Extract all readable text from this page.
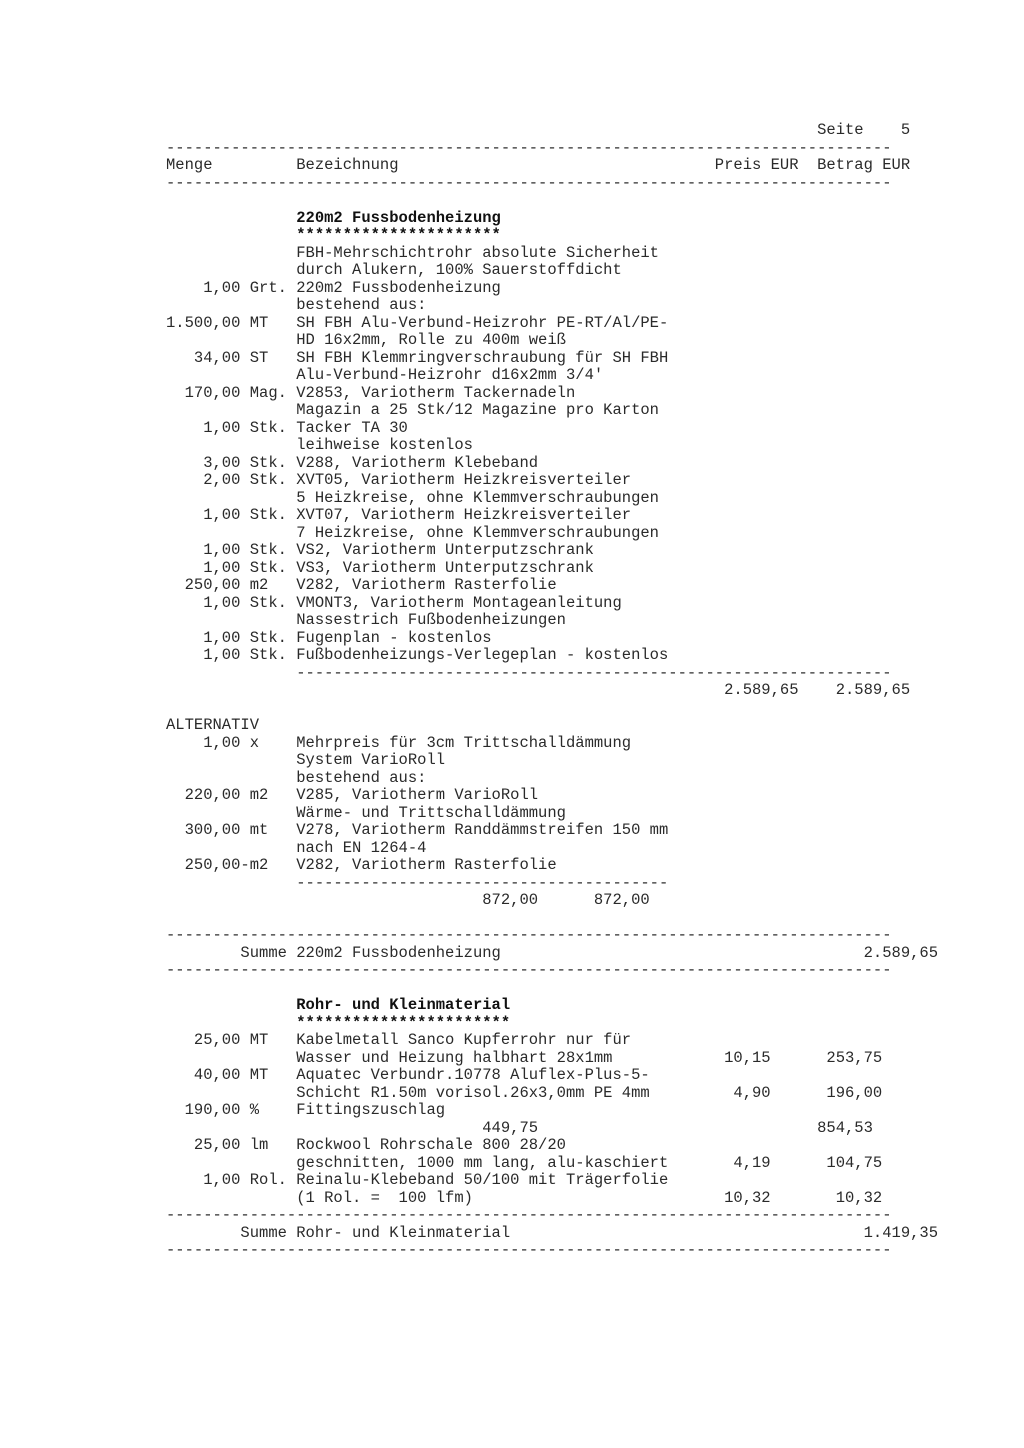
Seite    5
------------------------------------------------------------------------------
Menge         Bezeichnung                                  Preis EUR  Betrag EUR
------------------------------------------------------------------------------
220m2 Fussbodenheizung
**********************
FBH-Mehrschichtrohr absolute Sicherheit
durch Alukern, 100% Sauerstoffdicht
1,00 Grt. 220m2 Fussbodenheizung
bestehend aus:
1.500,00 MT   SH FBH Alu-Verbund-Heizrohr PE-RT/Al/PE-
HD 16x2mm, Rolle zu 400m weiß
34,00 ST   SH FBH Klemmringverschraubung für SH FBH
Alu-Verbund-Heizrohr d16x2mm 3/4'
170,00 Mag. V2853, Variotherm Tackernadeln
Magazin a 25 Stk/12 Magazine pro Karton
1,00 Stk. Tacker TA 30
leihweise kostenlos
3,00 Stk. V288, Variotherm Klebeband
2,00 Stk. XVT05, Variotherm Heizkreisverteiler
5 Heizkreise, ohne Klemmverschraubungen
1,00 Stk. XVT07, Variotherm Heizkreisverteiler
7 Heizkreise, ohne Klemmverschraubungen
1,00 Stk. VS2, Variotherm Unterputzschrank
1,00 Stk. VS3, Variotherm Unterputzschrank
250,00 m2   V282, Variotherm Rasterfolie
1,00 Stk. VMONT3, Variotherm Montageanleitung
Nassestrich Fußbodenheizungen
1,00 Stk. Fugenplan - kostenlos
1,00 Stk. Fußbodenheizungs-Verlegeplan - kostenlos
----------------------------------------------------------------
2.589,65    2.589,65
ALTERNATIV
1,00 x    Mehrpreis für 3cm Trittschalldämmung
System VarioRoll
bestehend aus:
220,00 m2   V285, Variotherm VarioRoll
Wärme- und Trittschalldämmung
300,00 mt   V278, Variotherm Randdämmstreifen 150 mm
nach EN 1264-4
250,00-m2   V282, Variotherm Rasterfolie
----------------------------------------
872,00      872,00
------------------------------------------------------------------------------
Summe 220m2 Fussbodenheizung                                       2.589,65
------------------------------------------------------------------------------
Rohr- und Kleinmaterial
***********************
25,00 MT   Kabelmetall Sanco Kupferrohr nur für
Wasser und Heizung halbhart 28x1mm            10,15      253,75
40,00 MT   Aquatec Verbundr.10778 Aluflex-Plus-5-
Schicht R1.50m vorisol.26x3,0mm PE 4mm         4,90      196,00
190,00 %    Fittingszuschlag
449,75                              854,53
25,00 lm   Rockwool Rohrschale 800 28/20
geschnitten, 1000 mm lang, alu-kaschiert       4,19      104,75
1,00 Rol. Reinalu-Klebeband 50/100 mit Trägerfolie
(1 Rol. =  100 lfm)                           10,32       10,32
------------------------------------------------------------------------------
Summe Rohr- und Kleinmaterial                                      1.419,35
------------------------------------------------------------------------------
